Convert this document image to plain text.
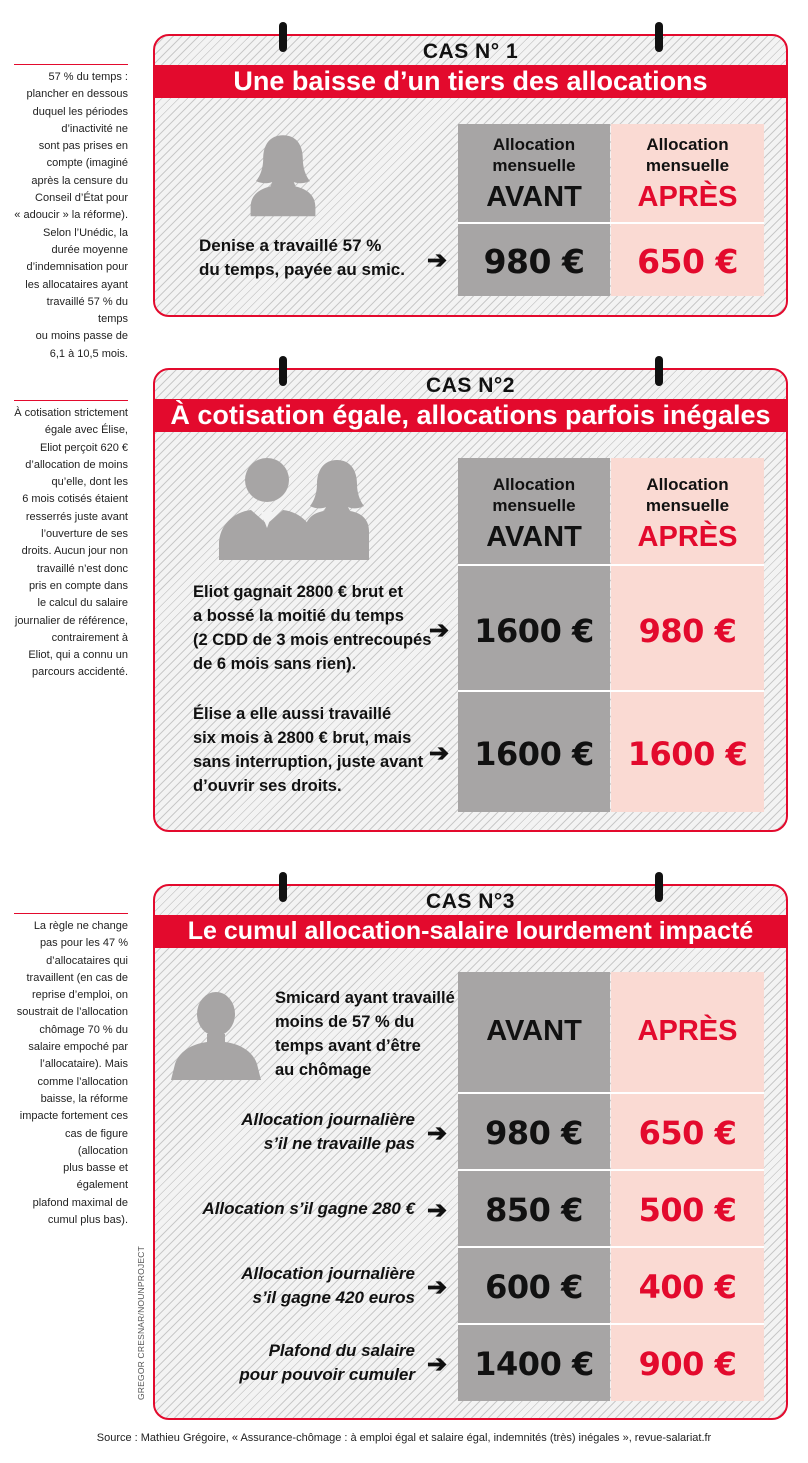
57 % du temps :
plancher en dessous
duquel les périodes
d’inactivité ne
sont pas prises en
compte (imaginé
après la censure du
Conseil d’État pour
« adoucir » la réforme).
Selon l’Unédic, la
durée moyenne
d’indemnisation pour
les allocataires ayant
travaillé 57 % du temps
ou moins passe de
6,1 à 10,5 mois.
À cotisation strictement
égale avec Élise,
Eliot perçoit 620 €
d’allocation de moins
qu’elle, dont les
6 mois cotisés étaient
resserrés juste avant
l’ouverture de ses
droits. Aucun jour non
travaillé n’est donc
pris en compte dans
le calcul du salaire
journalier de référence,
contrairement à
Eliot, qui a connu un
parcours accidenté.
La règle ne change
pas pour les 47 %
d’allocataires qui
travaillent (en cas de
reprise d’emploi, on
soustrait de l’allocation
chômage 70 % du
salaire empoché par
l’allocataire). Mais
comme l’allocation
baisse, la réforme
impacte fortement ces
cas de figure (allocation
plus basse et également
plafond maximal de
cumul plus bas).
GREGOR CRESNAR/NOUNPROJECT
CAS N° 1
Une baisse d’un tiers des allocations
Allocation
mensuelle
AVANT
Allocation
mensuelle
APRÈS
Denise a travaillé 57 %
du temps, payée au smic. ➔	980 €	650 €
CAS N°2
À cotisation égale, allocations parfois inégales
Allocation
mensuelle
AVANT
Allocation
mensuelle
APRÈS
Eliot gagnait 2800 € brut et
a bossé la moitié du temps
(2 CDD de 3 mois entrecoupés
de 6 mois sans rien).
➔ 1600 €	980 €
Élise a elle aussi travaillé
six mois à 2800 € brut, mais
sans interruption, juste avant
d’ouvrir ses droits.
➔ 1600 €	1600 €
CAS N°3
Le cumul allocation-salaire lourdement impacté
AVANT	APRÈS
Smicard ayant travaillé
moins de 57 % du
temps avant d’être
au chômage
Allocation journalière
s’il ne travaille pas ➔	980 €	650 €
Allocation s’il gagne 280 € ➔	850 €	500 €
Allocation journalière
s’il gagne 420 euros ➔	600 €	400 €
Plafond du salaire
pour pouvoir cumuler ➔ 1400 €	900 €
Source : Mathieu Grégoire, « Assurance-chômage : à emploi égal et salaire égal, indemnités (très) inégales », revue-salariat.fr
